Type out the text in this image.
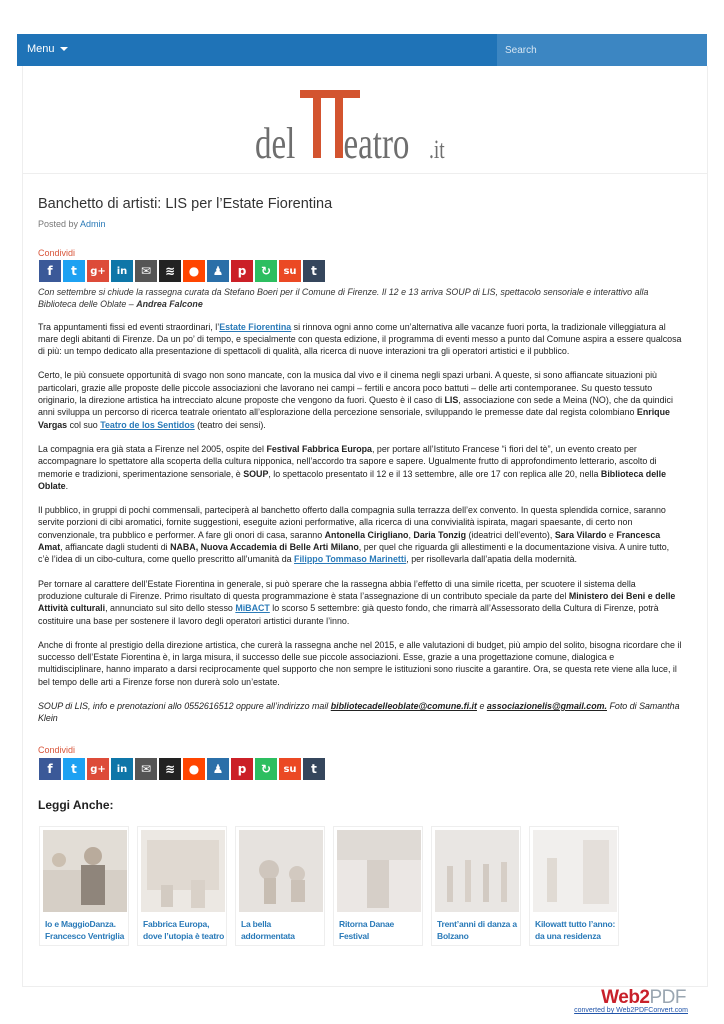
Menu
Search
del eatro .it
Banchetto di artisti: LIS per l’Estate Fiorentina
Posted by Admin
Condividi
f t g+ in ✉ ≋ ● ♟ p ↻ su t

Con settembre si chiude la rassegna curata da Stefano Boeri per il Comune di Firenze. Il 12 e 13 arriva SOUP di LIS, spettacolo sensoriale e interattivo alla Biblioteca delle Oblate – Andrea Falcone

Tra appuntamenti fissi ed eventi straordinari, l’Estate Fiorentina si rinnova ogni anno come un’alternativa alle vacanze fuori porta, la tradizionale villeggiatura al mare degli abitanti di Firenze. Da un po’ di tempo, e specialmente con questa edizione, il programma di eventi messo a punto dal Comune aspira a essere qualcosa di più: un tempo dedicato alla presentazione di spettacoli di qualità, alla ricerca di nuove interazioni tra gli operatori artistici e il pubblico.

Certo, le più consuete opportunità di svago non sono mancate, con la musica dal vivo e il cinema negli spazi urbani. A queste, si sono affiancate situazioni più particolari, grazie alle proposte delle piccole associazioni che lavorano nei campi – fertili e ancora poco battuti – delle arti contemporanee. Su questo tessuto originario, la direzione artistica ha intrecciato alcune proposte che vengono da fuori. Questo è il caso di LIS, associazione con sede a Meina (NO), che da quindici anni sviluppa un percorso di ricerca teatrale orientato all’esplorazione della percezione sensoriale, sviluppando le premesse date dal regista colombiano Enrique Vargas col suo Teatro de los Sentidos (teatro dei sensi).

La compagnia era già stata a Firenze nel 2005, ospite del Festival Fabbrica Europa, per portare all’Istituto Francese “i fiori del tè”, un evento creato per accompagnare lo spettatore alla scoperta della cultura nipponica, nell’accordo tra sapore e sapere. Ugualmente frutto di approfondimento letterario, ascolto di memorie e tradizioni, sperimentazione sensoriale, è SOUP, lo spettacolo presentato il 12 e il 13 settembre, alle ore 17 con replica alle 20, nella Biblioteca delle Oblate.

Il pubblico, in gruppi di pochi commensali, parteciperà al banchetto offerto dalla compagnia sulla terrazza dell’ex convento. In questa splendida cornice, saranno servite porzioni di cibi aromatici, fornite suggestioni, eseguite azioni performative, alla ricerca di una convivialità ispirata, magari spaesante, di certo non convenzionale, tra pubblico e performer. A fare gli onori di casa, saranno Antonella Cirigliano, Daria Tonzig (ideatrici dell’evento), Sara Vilardo e Francesca Amat, affiancate dagli studenti di NABA, Nuova Accademia di Belle Arti Milano, per quel che riguarda gli allestimenti e la documentazione visiva. A unire tutto, c’è l’idea di un cibo-cultura, come quello prescritto all’umanità da Filippo Tommaso Marinetti, per risollevarla dall’apatia della modernità.

Per tornare al carattere dell’Estate Fiorentina in generale, si può sperare che la rassegna abbia l’effetto di una simile ricetta, per scuotere il sistema della produzione culturale di Firenze. Primo risultato di questa programmazione è stata l’assegnazione di un contributo speciale da parte del Ministero dei Beni e delle Attività culturali, annunciato sul sito dello stesso MiBACT lo scorso 5 settembre: già questo fondo, che rimarrà all’Assessorato della Cultura di Firenze, potrà costituire una base per sostenere il lavoro degli operatori artistici durante l’inno.

Anche di fronte al prestigio della direzione artistica, che curerà la rassegna anche nel 2015, e alle valutazioni di budget, più ampio del solito, bisogna ricordare che il successo dell’Estate Fiorentina è, in larga misura, il successo delle sue piccole associazioni. Esse, grazie a una progettazione comune, dialogica e multidisciplinare, hanno imparato a darsi reciprocamente quel supporto che non sempre le istituzioni sono riuscite a garantire. Ora, se questa rete viene alla luce, il bel tempo delle arti a Firenze forse non durerà solo un’estate.

SOUP di LIS, info e prenotazioni allo 0552616512 oppure all’indirizzo mail bibliotecadelleoblate@comune.fi.it e associazionelis@gmail.com. Foto di Samantha Klein

Condividi
f t g+ in ✉ ≋ ● ♟ p ↻ su t
Leggi Anche:
Io e MaggioDanza. Francesco Ventriglia
Fabbrica Europa, dove l’utopia è teatro
La bella addormentata
Ritorna Danae Festival
Trent’anni di danza a Bolzano
Kilowatt tutto l’anno: da una residenza
Web2PDF
converted by Web2PDFConvert.com
